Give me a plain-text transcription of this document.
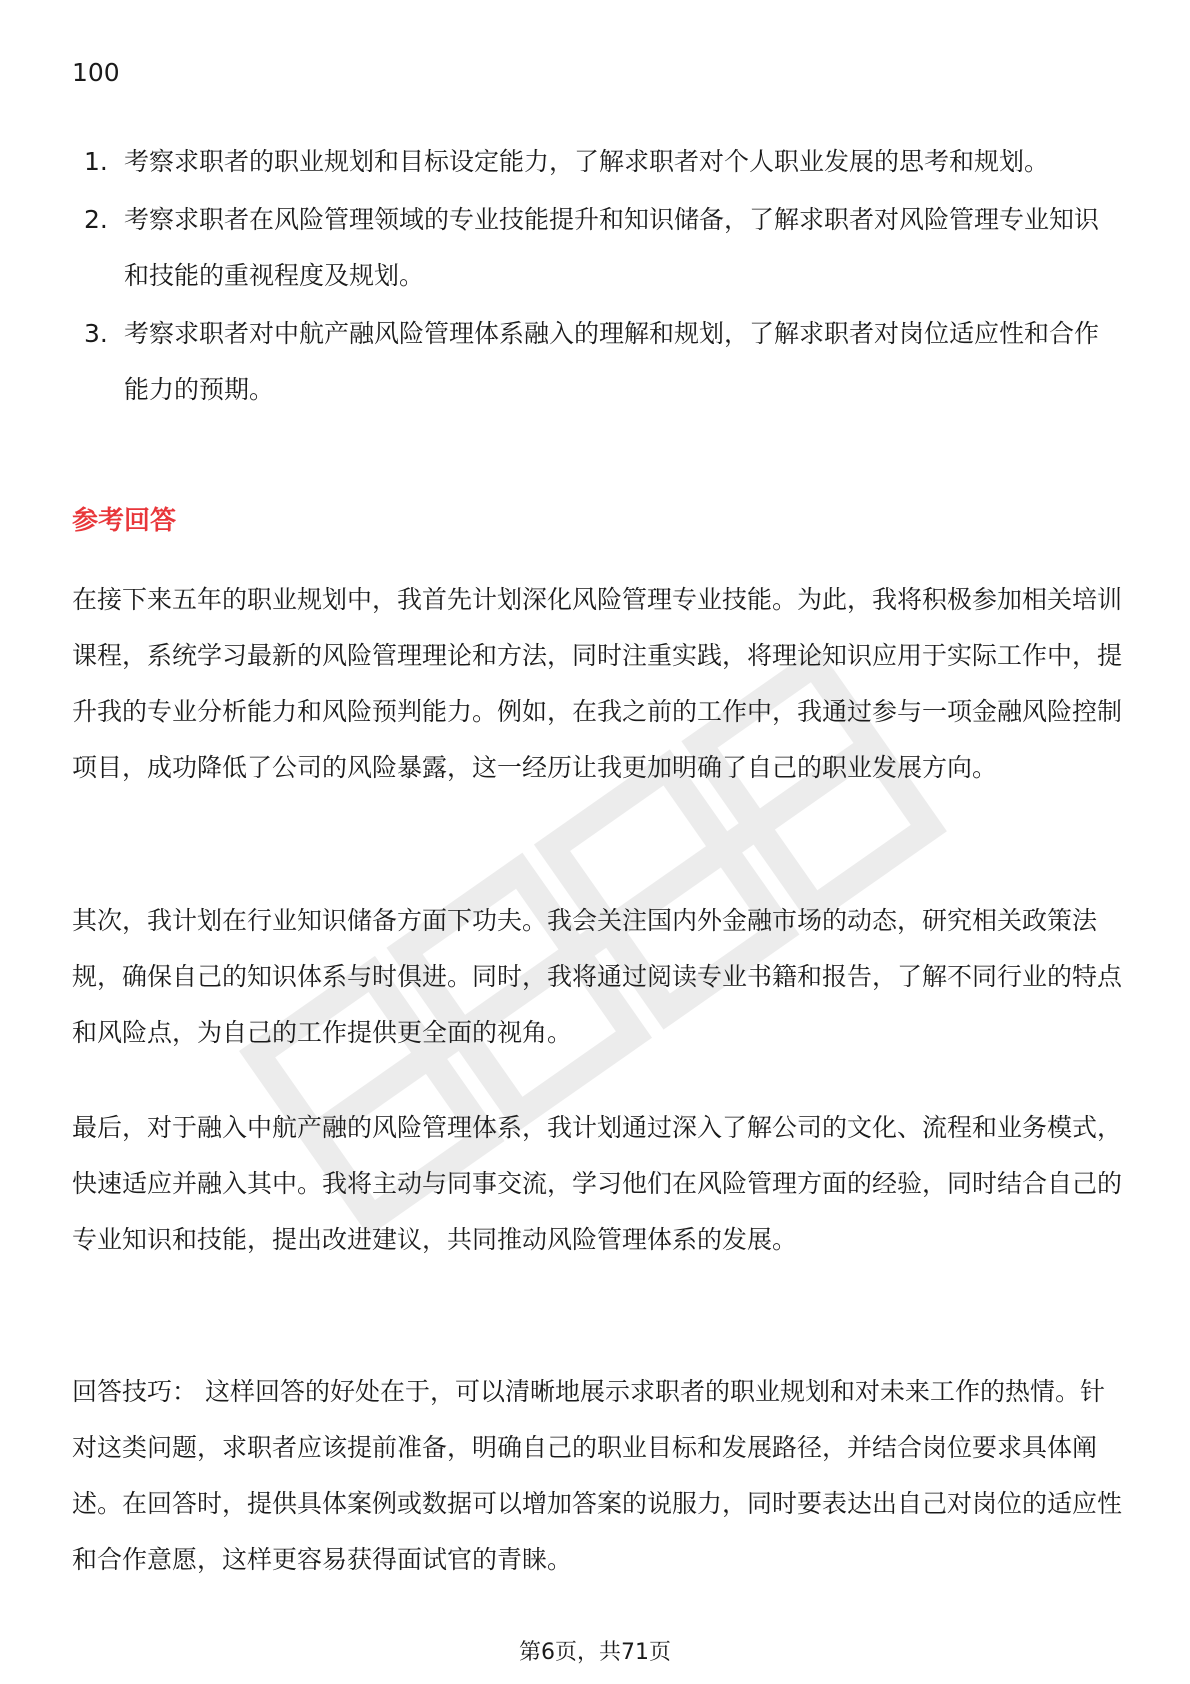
100
1. 考察求职者的职业规划和目标设定能力，了解求职者对个人职业发展的思考和规划。
2. 考察求职者在风险管理领域的专业技能提升和知识储备，了解求职者对风险管理专业知识和技能的重视程度及规划。
3. 考察求职者对中航产融风险管理体系融入的理解和规划，了解求职者对岗位适应性和合作能力的预期。
参考回答

在接下来五年的职业规划中，我首先计划深化风险管理专业技能。为此，我将积极参加相关培训课程，系统学习最新的风险管理理论和方法，同时注重实践，将理论知识应用于实际工作中，提升我的专业分析能力和风险预判能力。例如，在我之前的工作中，我通过参与一项金融风险控制项目，成功降低了公司的风险暴露，这一经历让我更加明确了自己的职业发展方向。

其次，我计划在行业知识储备方面下功夫。我会关注国内外金融市场的动态，研究相关政策法规，确保自己的知识体系与时俱进。同时，我将通过阅读专业书籍和报告，了解不同行业的特点和风险点，为自己的工作提供更全面的视角。

最后，对于融入中航产融的风险管理体系，我计划通过深入了解公司的文化、流程和业务模式，快速适应并融入其中。我将主动与同事交流，学习他们在风险管理方面的经验，同时结合自己的专业知识和技能，提出改进建议，共同推动风险管理体系的发展。

回答技巧： 这样回答的好处在于，可以清晰地展示求职者的职业规划和对未来工作的热情。针对这类问题，求职者应该提前准备，明确自己的职业目标和发展路径，并结合岗位要求具体阐述。在回答时，提供具体案例或数据可以增加答案的说服力，同时要表达出自己对岗位的适应性和合作意愿，这样更容易获得面试官的青睐。

第6页，共71页
